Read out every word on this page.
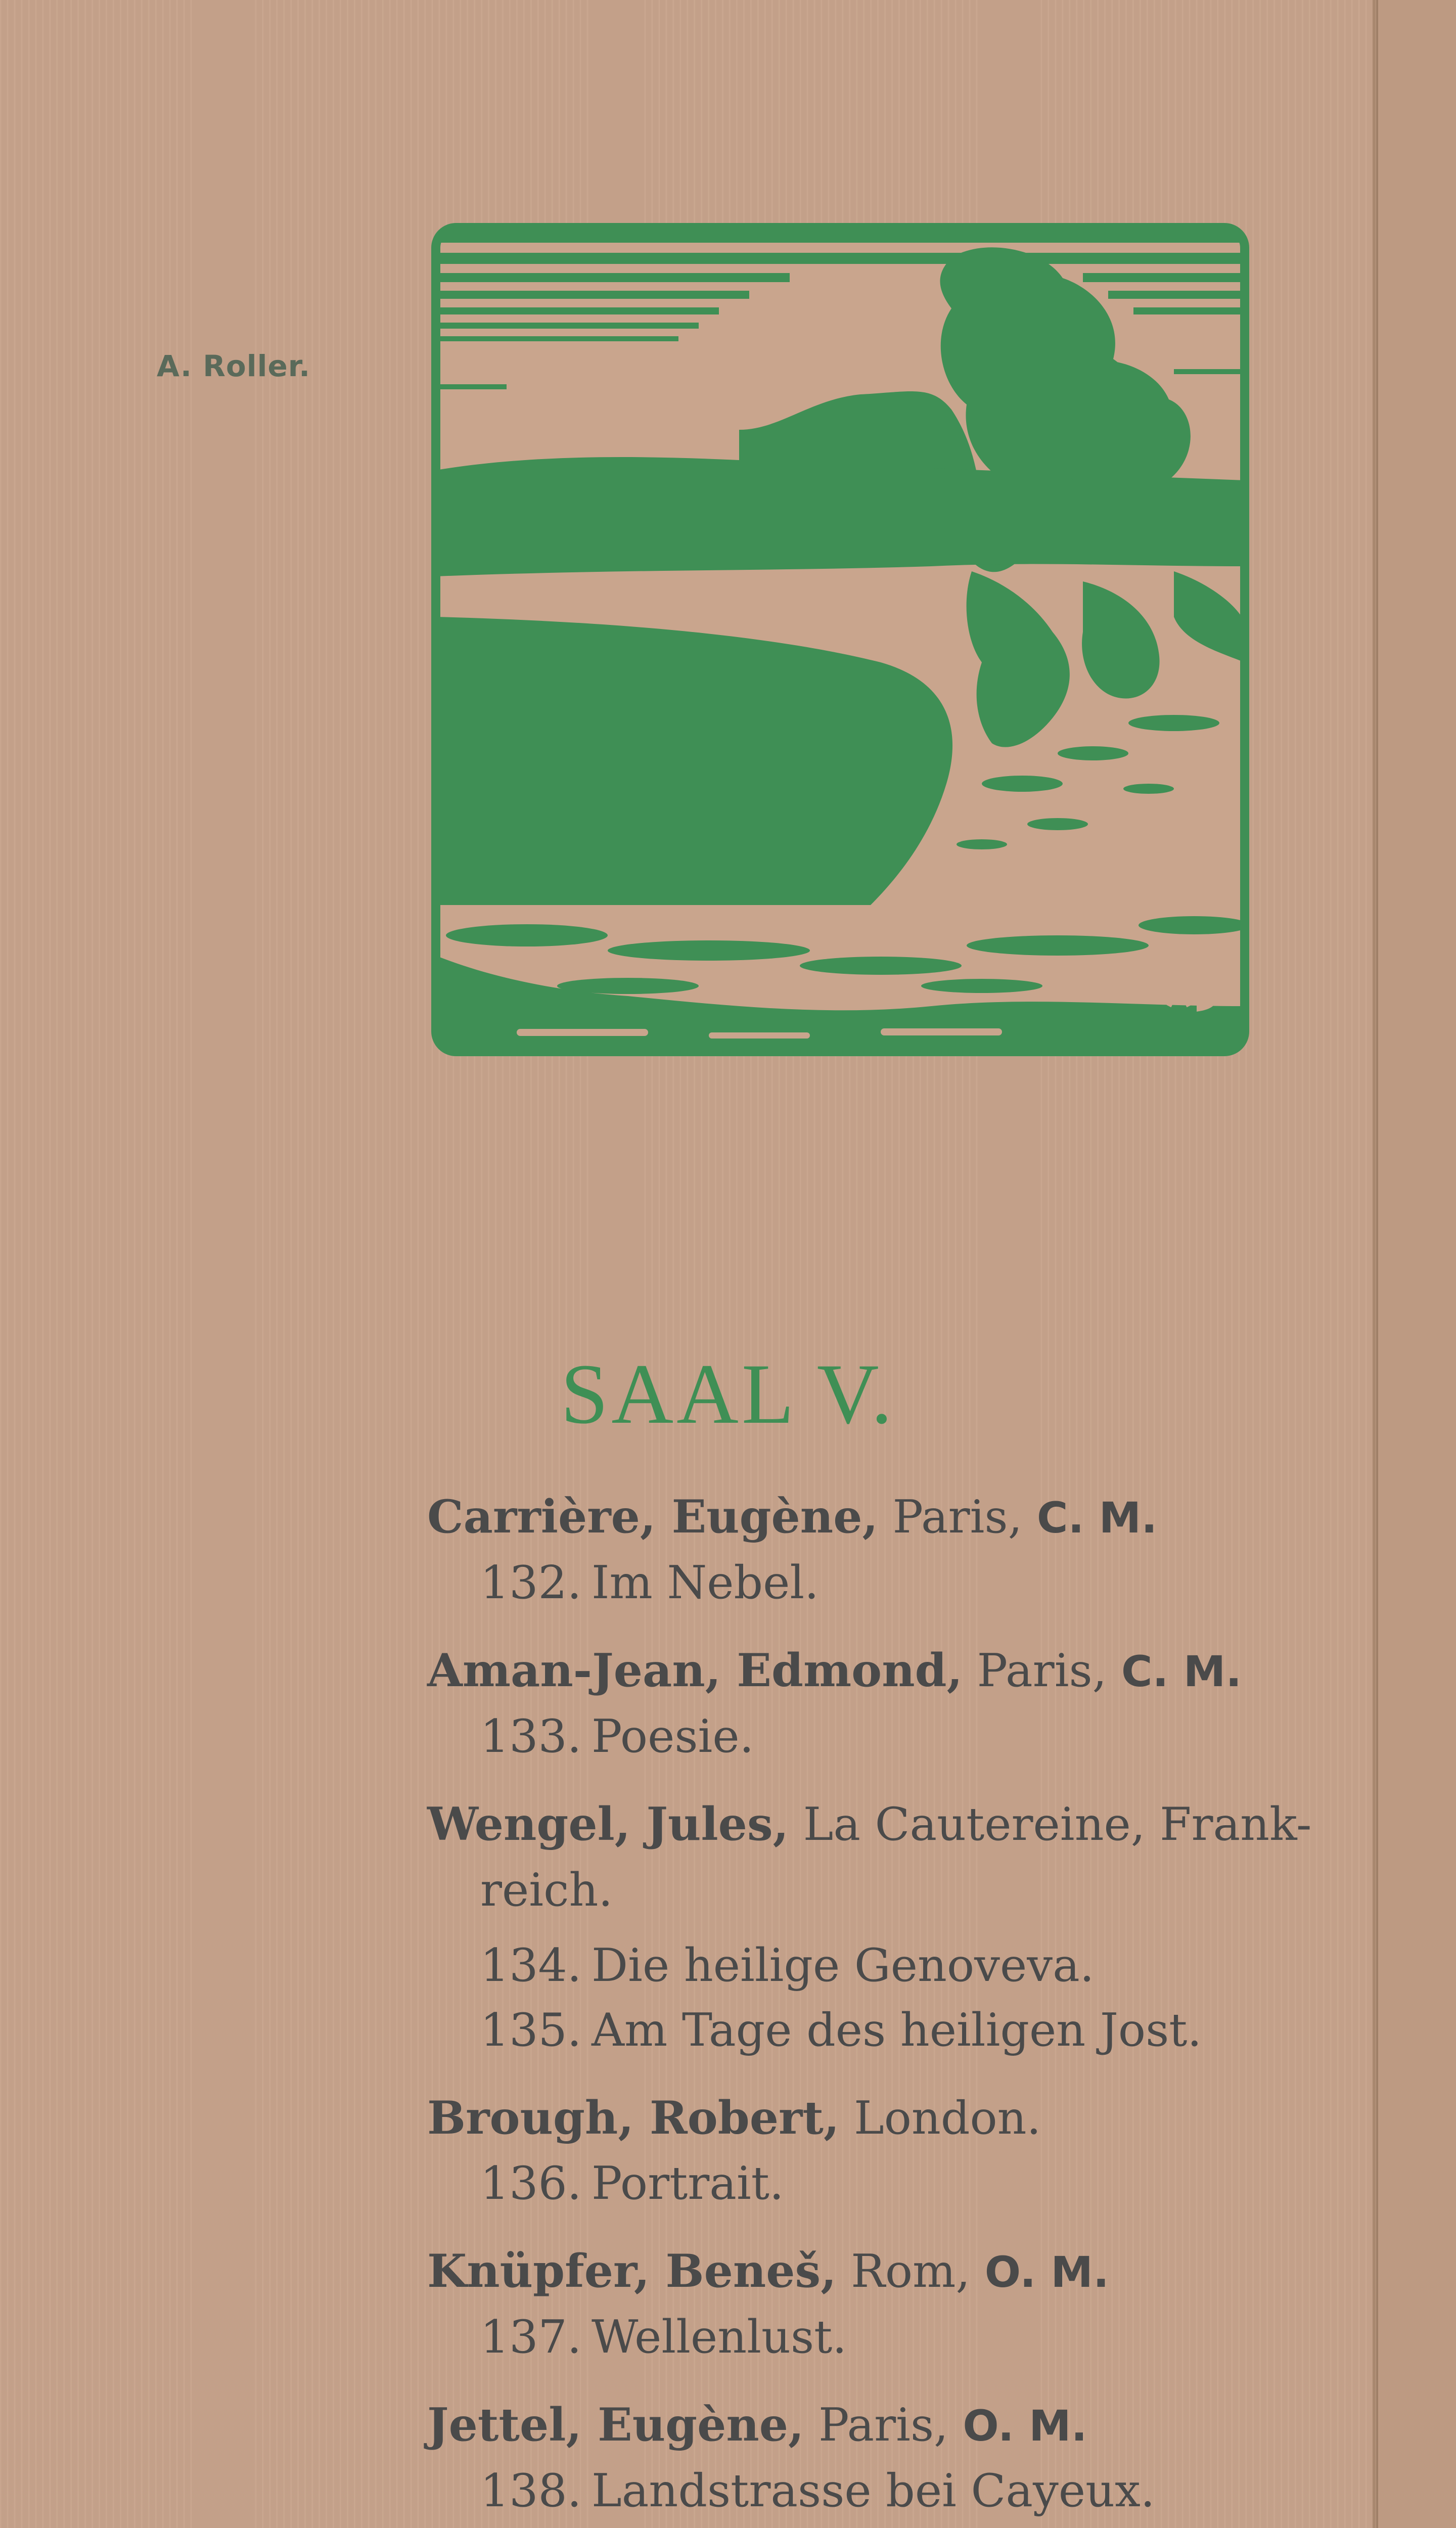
A. Roller.
SAAL V.
Carrière, Eugène, Paris, C. M.
132. Im Nebel.
Aman-Jean, Edmond, Paris, C. M.
133. Poesie.
Wengel, Jules, La Cautereine, Frank-
reich.
134. Die heilige Genoveva.
135. Am Tage des heiligen Jost.
Brough, Robert, London.
136. Portrait.
Knüpfer, Beneš, Rom, O. M.
137. Wellenlust.
Jettel, Eugène, Paris, O. M.
138. Landstrasse bei Cayeux.
